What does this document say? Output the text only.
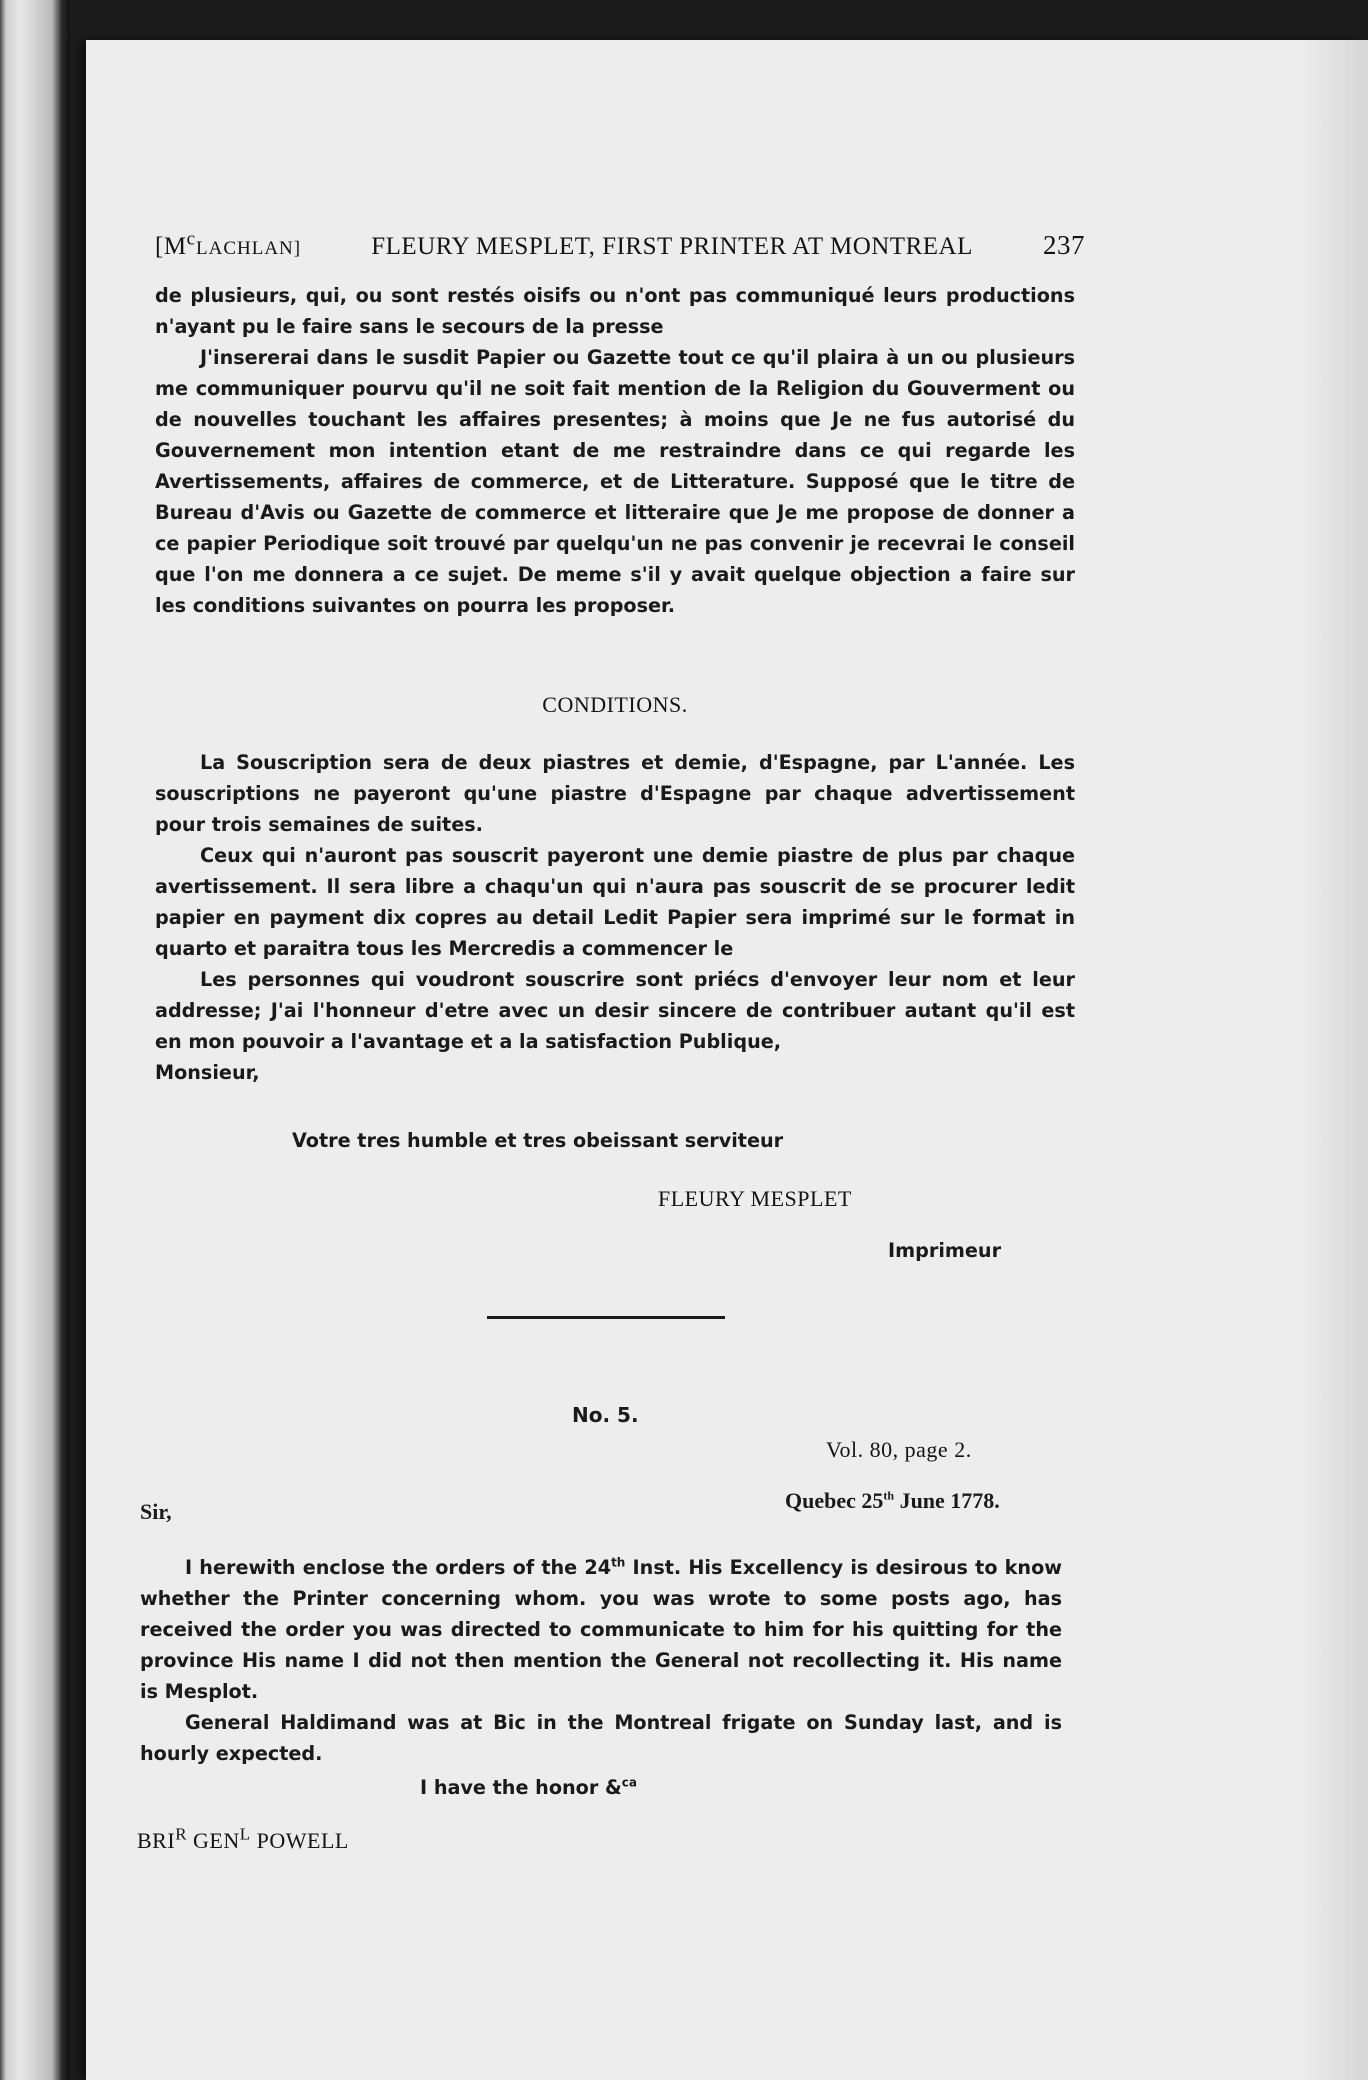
$[M^cLACHLAN]$	FLEURY MESPLET, FIRST PRINTER AT MONTREAL	237

de plusieurs, qui, ou sont restés oisifs ou n'ont pas communiqué leurs productions n'ayant pu le faire sans le secours de la presse

J'insererai dans le susdit Papier ou Gazette tout ce qu'il plaira à un ou plusieurs me communiquer pourvu qu'il ne soit fait mention de la Religion du Gouverment ou de nouvelles touchant les affaires presentes; à moins que Je ne fus autorisé du Gouvernement mon intention etant de me restraindre dans ce qui regarde les Avertissements, affaires de commerce, et de Litterature. Supposé que le titre de Bureau d'Avis ou Gazette de commerce et litteraire que Je me propose de donner a ce papier Periodique soit trouvé par quelqu'un ne pas convenir je recevrai le conseil que l'on me donnera a ce sujet. De meme s'il y avait quelque objection a faire sur les conditions suivantes on pourra les proposer.

CONDITIONS.

La Souscription sera de deux piastres et demie, d'Espagne, par L'année. Les souscriptions ne payeront qu'une piastre d'Espagne par chaque advertissement pour trois semaines de suites.

Ceux qui n'auront pas souscrit payeront une demie piastre de plus par chaque avertissement. Il sera libre a chaqu'un qui n'aura pas souscrit de se procurer ledit papier en payment dix copres au detail Ledit Papier sera imprimé sur le format in quarto et paraitra tous les Mercredis a commencer le

Les personnes qui voudront souscrire sont priécs d'envoyer leur nom et leur addresse; J'ai l'honneur d'etre avec un desir sincere de contribuer autant qu'il est en mon pouvoir a l'avantage et a la satisfaction Publique,

Monsieur,

Votre tres humble et tres obeissant serviteur
FLEURY MESPLET
Imprimeur
No. 5.
Vol. 80, page 2.
Quebec 25th June 1778.
Sir,

I herewith enclose the orders of the 24th Inst. His Excellency is desirous to know whether the Printer concerning whom. you was wrote to some posts ago, has received the order you was directed to communicate to him for his quitting for the province His name I did not then mention the General not recollecting it. His name is Mesplot.

General Haldimand was at Bic in the Montreal frigate on Sunday last, and is hourly expected.

I have the honor &$^{ca}$
$BRI^R$ $GEN^L$ POWELL
